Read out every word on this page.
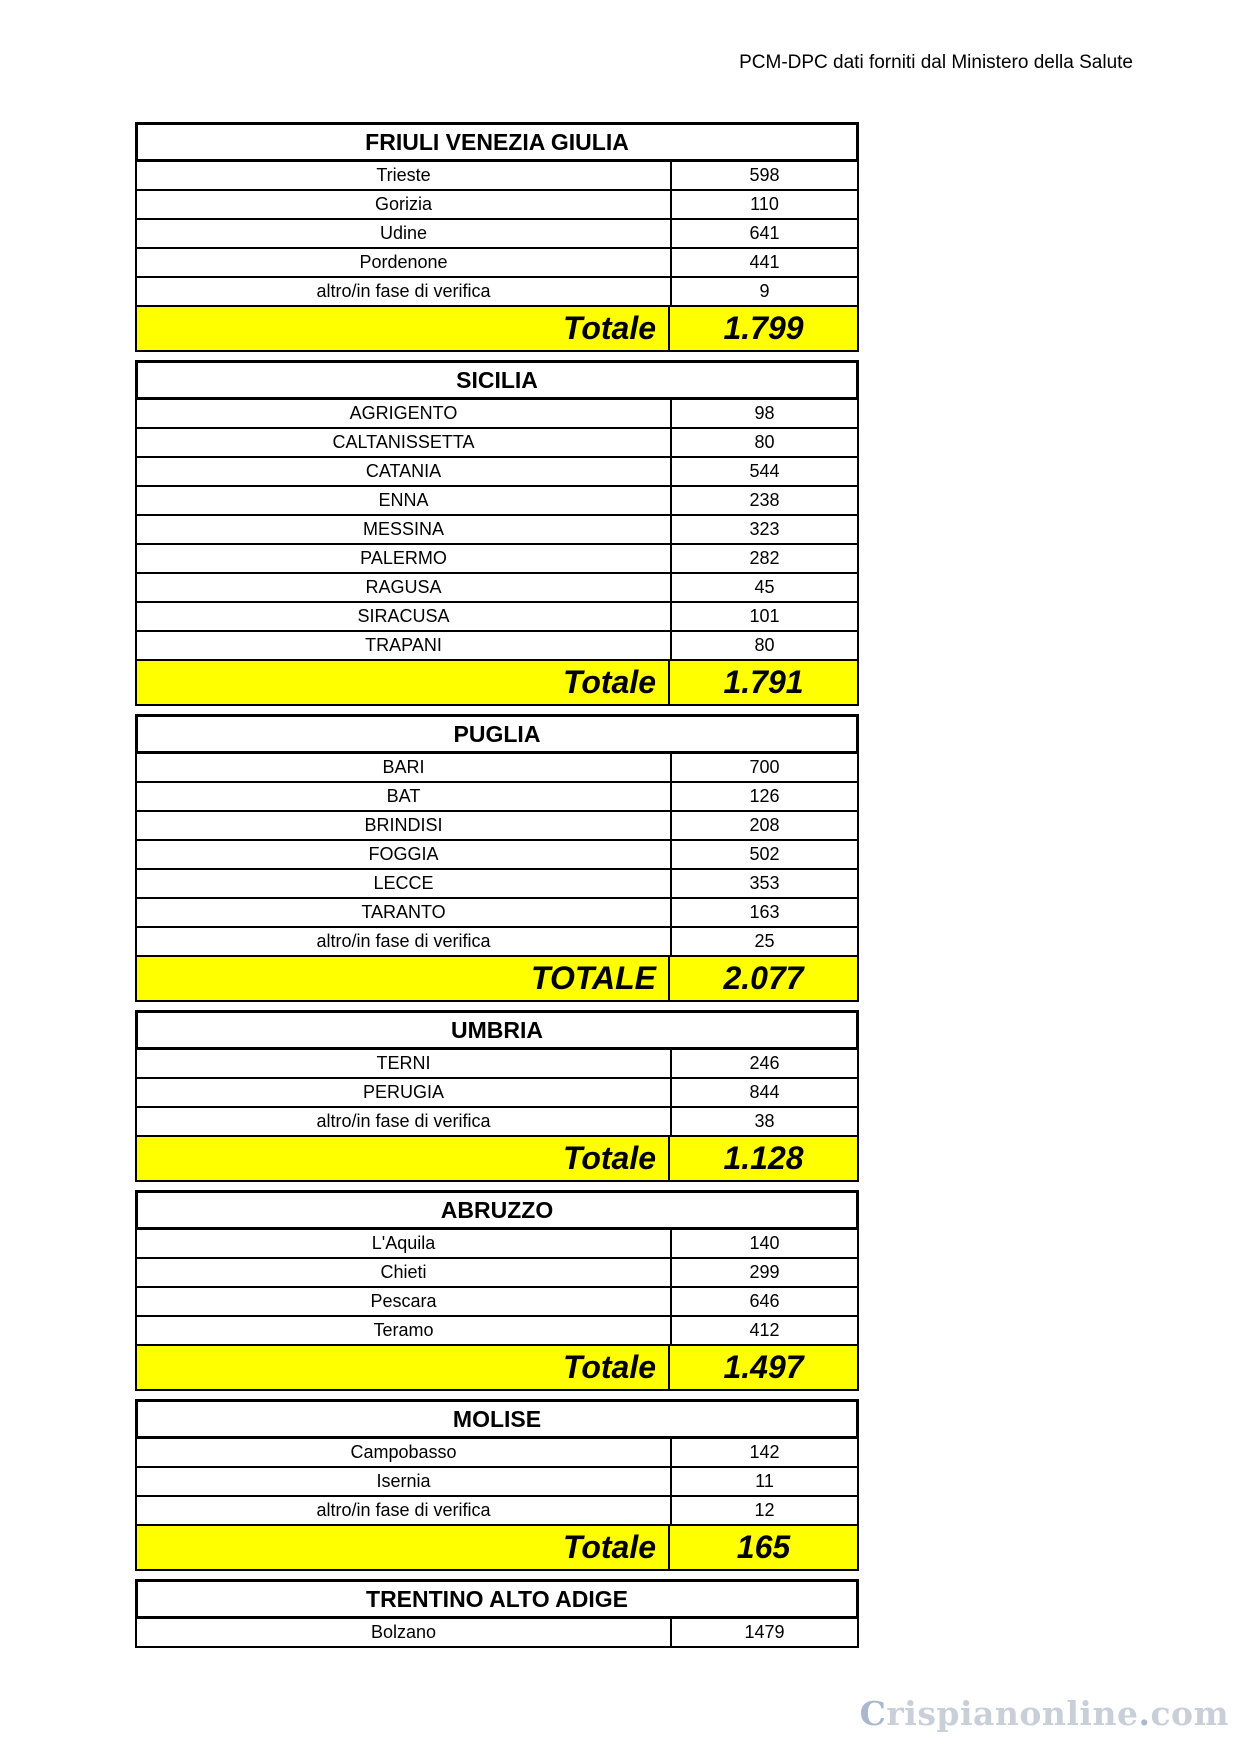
PCM-DPC dati forniti dal Ministero della Salute
FRIULI VENEZIA GIULIA
Trieste	598
Gorizia	110
Udine	641
Pordenone	441
altro/in fase di verifica	9
Totale	1.799
SICILIA
AGRIGENTO	98
CALTANISSETTA	80
CATANIA	544
ENNA	238
MESSINA	323
PALERMO	282
RAGUSA	45
SIRACUSA	101
TRAPANI	80
Totale	1.791
PUGLIA
BARI	700
BAT	126
BRINDISI	208
FOGGIA	502
LECCE	353
TARANTO	163
altro/in fase di verifica	25
TOTALE	2.077
UMBRIA
TERNI	246
PERUGIA	844
altro/in fase di verifica	38
Totale	1.128
ABRUZZO
L'Aquila	140
Chieti	299
Pescara	646
Teramo	412
Totale	1.497
MOLISE
Campobasso	142
Isernia	11
altro/in fase di verifica	12
Totale	165
TRENTINO ALTO ADIGE
Bolzano	1479
Crispianonline.com
